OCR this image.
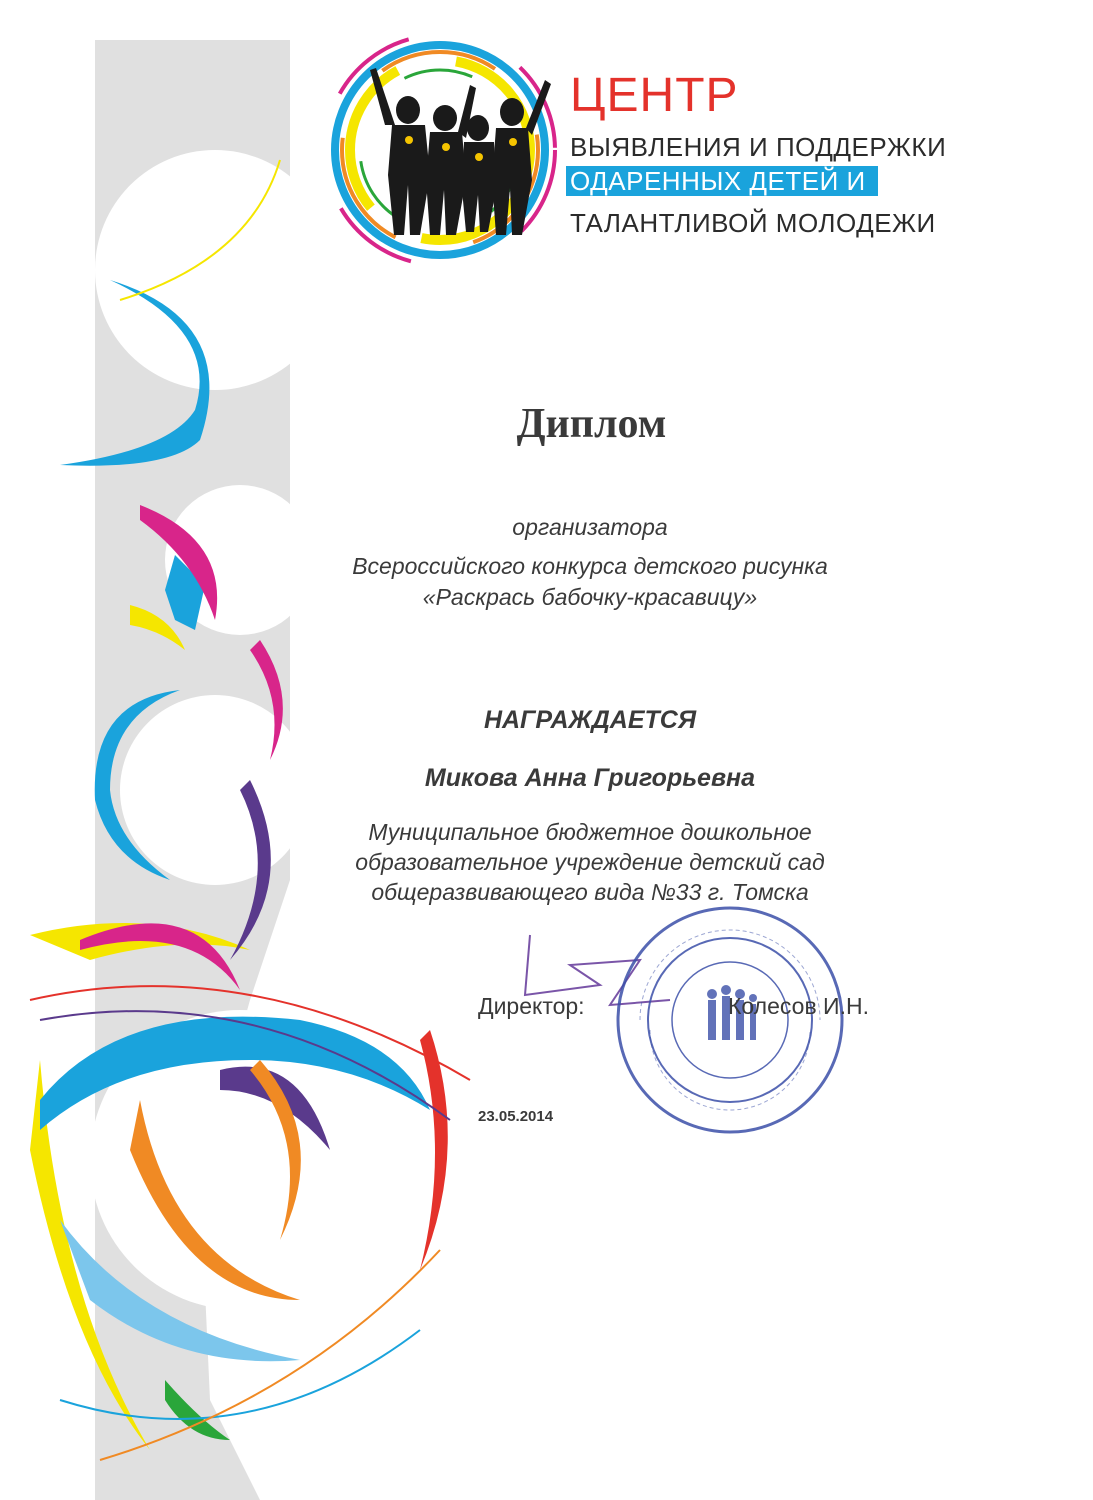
ЦЕНТР
ВЫЯВЛЕНИЯ И ПОДДЕРЖКИ
ОДАРЕННЫХ ДЕТЕЙ И
ТАЛАНТЛИВОЙ МОЛОДЕЖИ
Диплом
организатора
Всероссийского конкурса детского рисунка
«Раскрась бабочку-красавицу»
НАГРАЖДАЕТСЯ
Микова Анна Григорьевна
Муниципальное бюджетное дошкольное
образовательное учреждение детский сад
общеразвивающего вида №33 г. Томска
Директор:	Колесов И.Н.
23.05.2014
